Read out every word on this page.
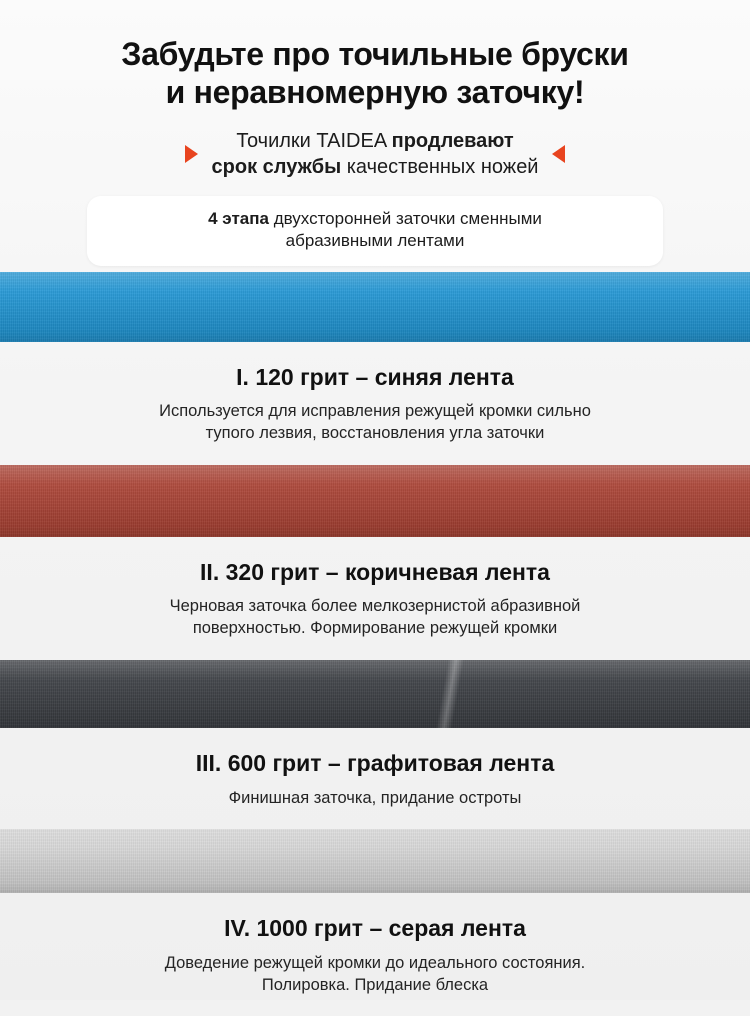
Забудьте про точильные бруски
и неравномерную заточку!
Точилки TAIDEA продлевают
срок службы качественных ножей
4 этапа двухсторонней заточки сменными
абразивными лентами
I. 120 грит – синяя лента
Используется для исправления режущей кромки сильно
тупого лезвия, восстановления угла заточки
II. 320 грит – коричневая лента
Черновая заточка более мелкозернистой абразивной
поверхностью. Формирование режущей кромки
III. 600 грит – графитовая лента
Финишная заточка, придание остроты
IV. 1000 грит – серая лента
Доведение режущей кромки до идеального состояния.
Полировка. Придание блеска
